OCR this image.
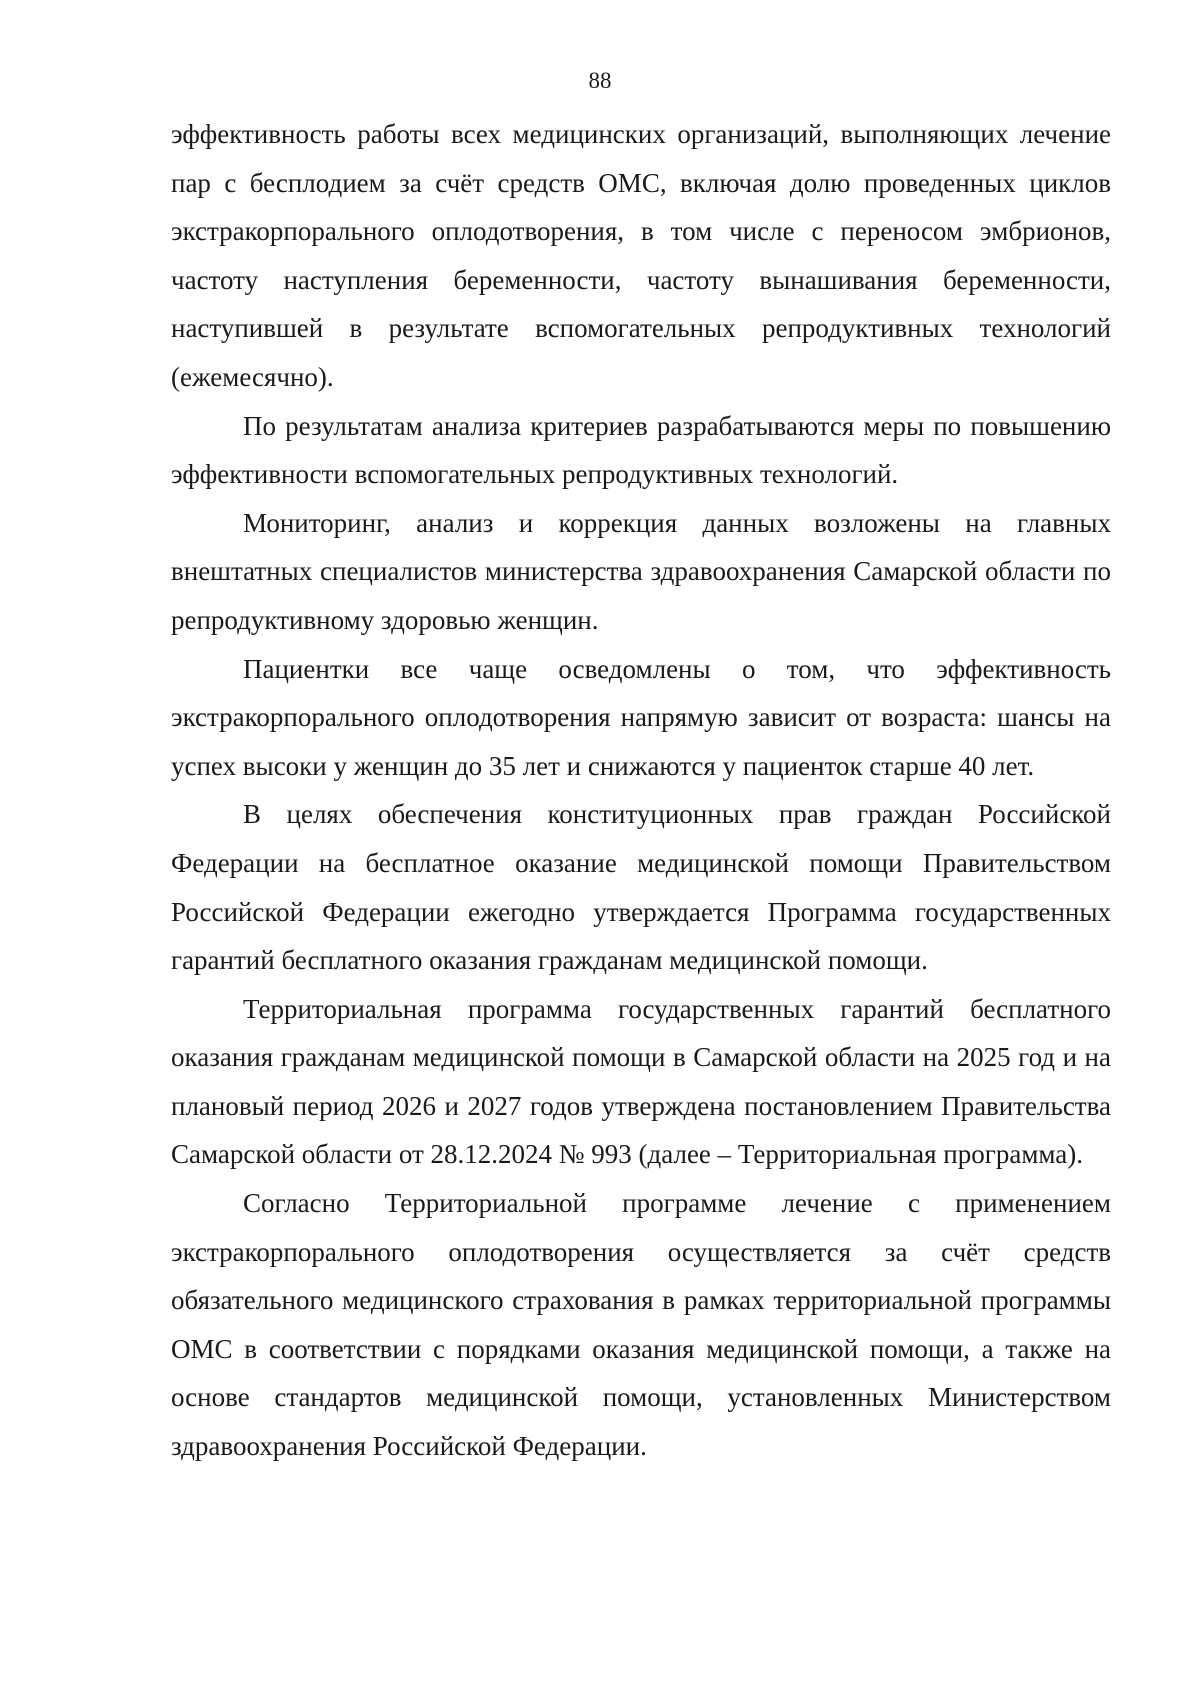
88

эффективность работы всех медицинских организаций, выполняющих лечение пар с бесплодием за счёт средств ОМС, включая долю проведенных циклов экстракорпорального оплодотворения, в том числе с переносом эмбрионов, частоту наступления беременности, частоту вынашивания беременности, наступившей в результате вспомогательных репродуктивных технологий (ежемесячно).

По результатам анализа критериев разрабатываются меры по повышению эффективности вспомогательных репродуктивных технологий.

Мониторинг, анализ и коррекция данных возложены на главных внештатных специалистов министерства здравоохранения Самарской области по репродуктивному здоровью женщин.

Пациентки все чаще осведомлены о том, что эффективность экстракорпорального оплодотворения напрямую зависит от возраста: шансы на успех высоки у женщин до 35 лет и снижаются у пациенток старше 40 лет.

В целях обеспечения конституционных прав граждан Российской Федерации на бесплатное оказание медицинской помощи Правительством Российской Федерации ежегодно утверждается Программа государственных гарантий бесплатного оказания гражданам медицинской помощи.

Территориальная программа государственных гарантий бесплатного оказания гражданам медицинской помощи в Самарской области на 2025 год и на плановый период 2026 и 2027 годов утверждена постановлением Правительства Самарской области от 28.12.2024 № 993 (далее – Территориальная программа).

Согласно Территориальной программе лечение с применением экстракорпорального оплодотворения осуществляется за счёт средств обязательного медицинского страхования в рамках территориальной программы ОМС в соответствии с порядками оказания медицинской помощи, а также на основе стандартов медицинской помощи, установленных Министерством здравоохранения Российской Федерации.
